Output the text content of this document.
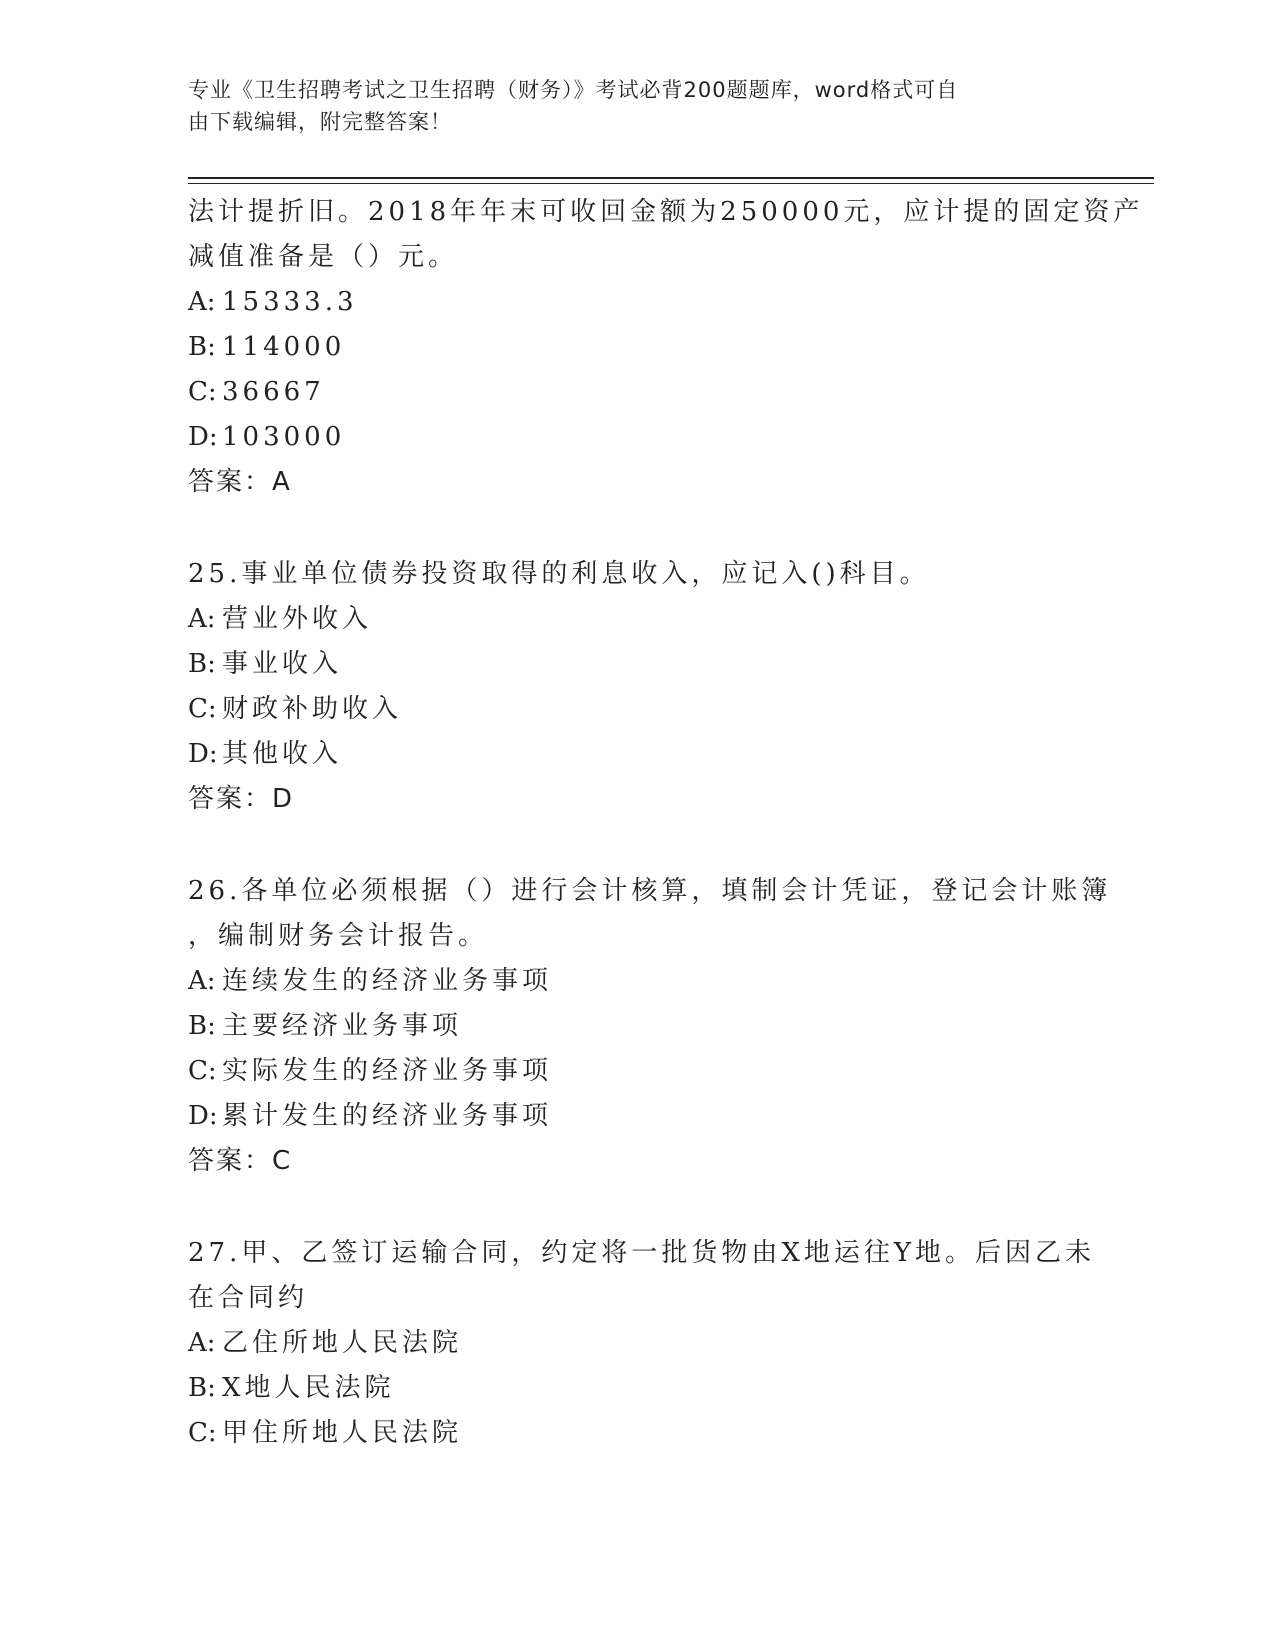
专业《卫生招聘考试之卫生招聘（财务）》考试必背200题题库，word格式可自
由下载编辑，附完整答案！
法计提折旧。2018年年末可收回金额为250000元，应计提的固定资产
减值准备是（）元。
A: 15333.3
B: 114000
C: 36667
D: 103000
答案：A
25.事业单位债券投资取得的利息收入，应记入()科目。
A: 营业外收入
B: 事业收入
C: 财政补助收入
D: 其他收入
答案：D
26.各单位必须根据（）进行会计核算，填制会计凭证，登记会计账簿
，编制财务会计报告。
A: 连续发生的经济业务事项
B: 主要经济业务事项
C: 实际发生的经济业务事项
D: 累计发生的经济业务事项
答案：C
27.甲、乙签订运输合同，约定将一批货物由X地运往Y地。后因乙未
在合同约
A: 乙住所地人民法院
B: X地人民法院
C: 甲住所地人民法院
